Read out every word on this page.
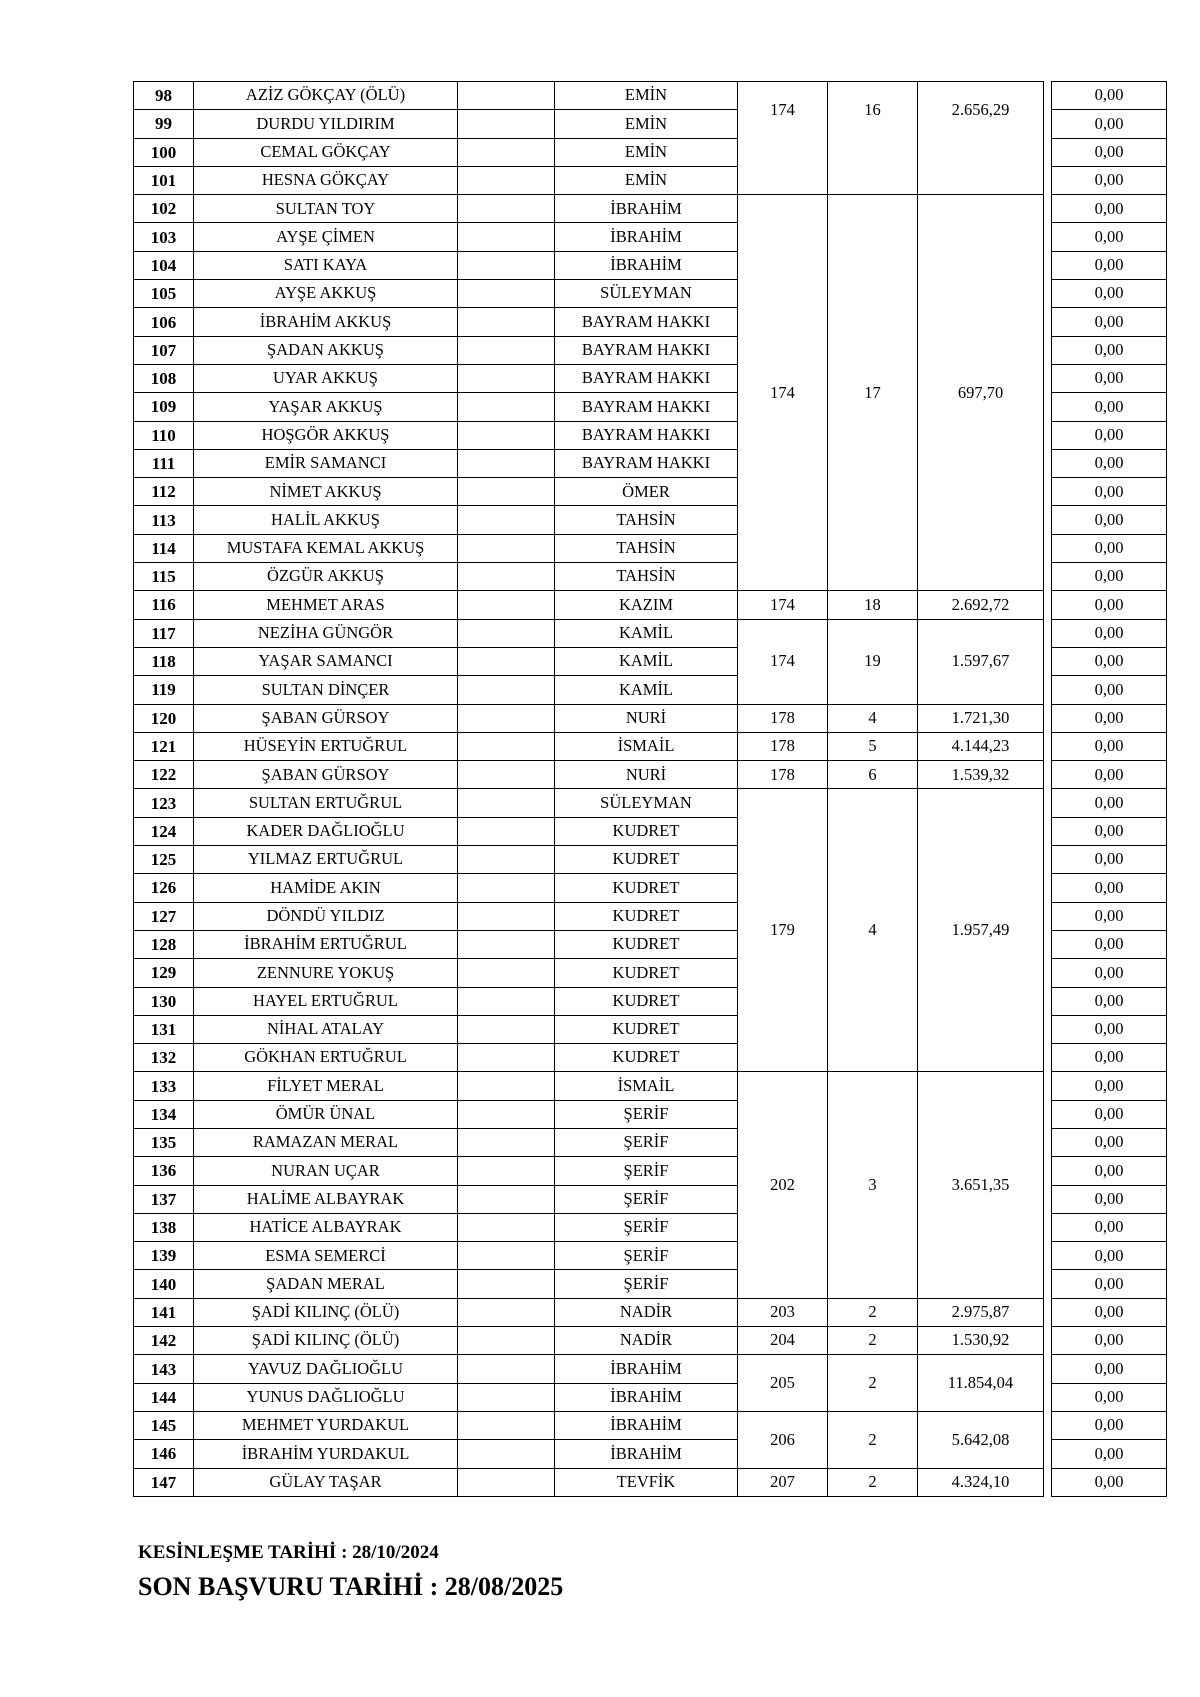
98	AZİZ GÖKÇAY (ÖLÜ)		EMİN	174	16	2.656,29		0,00
99	DURDU YILDIRIM		EMİN					0,00
100	CEMAL GÖKÇAY		EMİN					0,00
101	HESNA GÖKÇAY		EMİN					0,00
102	SULTAN TOY		İBRAHİM	174	17	697,70		0,00
103	AYŞE ÇİMEN		İBRAHİM					0,00
104	SATI KAYA		İBRAHİM					0,00
105	AYŞE AKKUŞ		SÜLEYMAN					0,00
106	İBRAHİM AKKUŞ		BAYRAM HAKKI					0,00
107	ŞADAN AKKUŞ		BAYRAM HAKKI					0,00
108	UYAR AKKUŞ		BAYRAM HAKKI					0,00
109	YAŞAR AKKUŞ		BAYRAM HAKKI					0,00
110	HOŞGÖR AKKUŞ		BAYRAM HAKKI					0,00
111	EMİR SAMANCI		BAYRAM HAKKI					0,00
112	NİMET AKKUŞ		ÖMER					0,00
113	HALİL AKKUŞ		TAHSİN					0,00
114	MUSTAFA KEMAL AKKUŞ		TAHSİN					0,00
115	ÖZGÜR AKKUŞ		TAHSİN					0,00
116	MEHMET ARAS		KAZIM	174	18	2.692,72		0,00
117	NEZİHA GÜNGÖR		KAMİL	174	19	1.597,67		0,00
118	YAŞAR SAMANCI		KAMİL					0,00
119	SULTAN DİNÇER		KAMİL					0,00
120	ŞABAN GÜRSOY		NURİ	178	4	1.721,30		0,00
121	HÜSEYİN ERTUĞRUL		İSMAİL	178	5	4.144,23		0,00
122	ŞABAN GÜRSOY		NURİ	178	6	1.539,32		0,00
123	SULTAN ERTUĞRUL		SÜLEYMAN	179	4	1.957,49		0,00
124	KADER DAĞLIOĞLU		KUDRET					0,00
125	YILMAZ ERTUĞRUL		KUDRET					0,00
126	HAMİDE AKIN		KUDRET					0,00
127	DÖNDÜ YILDIZ		KUDRET					0,00
128	İBRAHİM ERTUĞRUL		KUDRET					0,00
129	ZENNURE YOKUŞ		KUDRET					0,00
130	HAYEL ERTUĞRUL		KUDRET					0,00
131	NİHAL ATALAY		KUDRET					0,00
132	GÖKHAN ERTUĞRUL		KUDRET					0,00
133	FİLYET MERAL		İSMAİL	202	3	3.651,35		0,00
134	ÖMÜR ÜNAL		ŞERİF					0,00
135	RAMAZAN MERAL		ŞERİF					0,00
136	NURAN UÇAR		ŞERİF					0,00
137	HALİME ALBAYRAK		ŞERİF					0,00
138	HATİCE ALBAYRAK		ŞERİF					0,00
139	ESMA SEMERCİ		ŞERİF					0,00
140	ŞADAN MERAL		ŞERİF					0,00
141	ŞADİ KILINÇ (ÖLÜ)		NADİR	203	2	2.975,87		0,00
142	ŞADİ KILINÇ (ÖLÜ)		NADİR	204	2	1.530,92		0,00
143	YAVUZ DAĞLIOĞLU		İBRAHİM	205	2	11.854,04		0,00
144	YUNUS DAĞLIOĞLU		İBRAHİM					0,00
145	MEHMET YURDAKUL		İBRAHİM	206	2	5.642,08		0,00
146	İBRAHİM YURDAKUL		İBRAHİM					0,00
147	GÜLAY TAŞAR		TEVFİK	207	2	4.324,10		0,00
KESİNLEŞME TARİHİ : 28/10/2024
SON BAŞVURU TARİHİ : 28/08/2025
